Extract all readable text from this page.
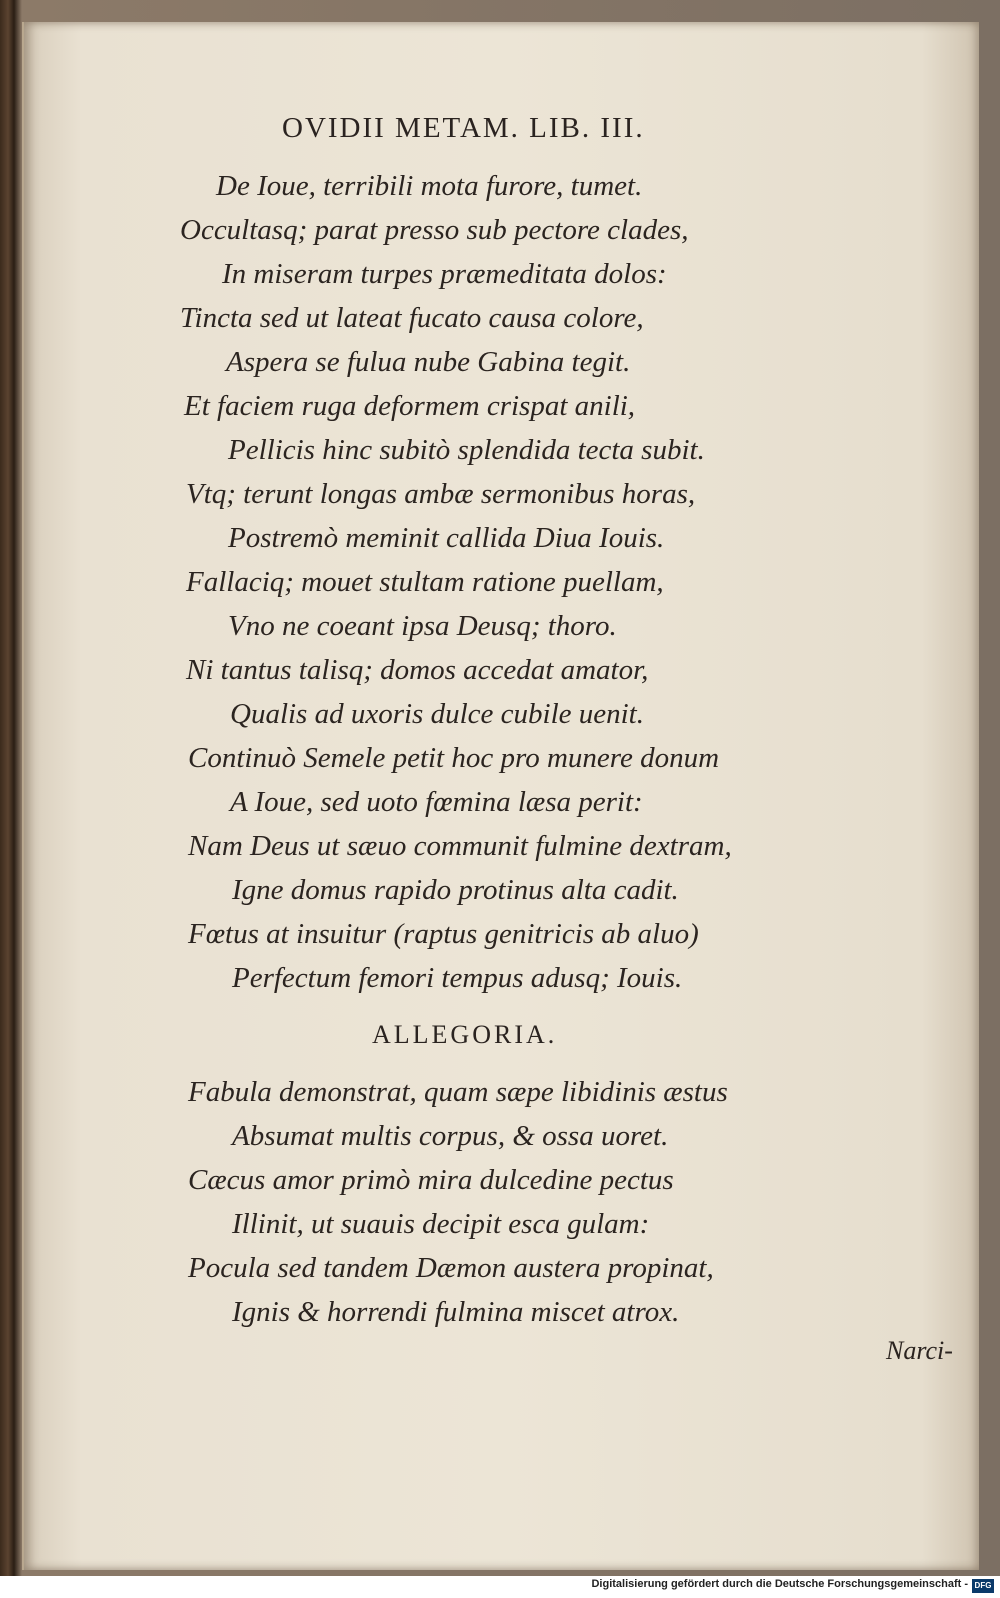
OVIDII METAM. LIB. III.
De Ioue, terribili mota furore, tumet.
Occultasq; parat presso sub pectore clades,
In miseram turpes præmeditata dolos:
Tincta sed ut lateat fucato causa colore,
Aspera se fulua nube Gabina tegit.
Et faciem ruga deformem crispat anili,
Pellicis hinc subitò splendida tecta subit.
Vtq; terunt longas ambæ sermonibus horas,
Postremò meminit callida Diua Iouis.
Fallaciq; mouet stultam ratione puellam,
Vno ne coeant ipsa Deusq; thoro.
Ni tantus talisq; domos accedat amator,
Qualis ad uxoris dulce cubile uenit.
Continuò Semele petit hoc pro munere donum
A Ioue, sed uoto fœmina læsa perit:
Nam Deus ut sæuo communit fulmine dextram,
Igne domus rapido protinus alta cadit.
Fœtus at insuitur (raptus genitricis ab aluo)
Perfectum femori tempus adusq; Iouis.
ALLEGORIA.
Fabula demonstrat, quam sæpe libidinis æstus
Absumat multis corpus, & ossa uoret.
Cæcus amor primò mira dulcedine pectus
Illinit, ut suauis decipit esca gulam:
Pocula sed tandem Dæmon austera propinat,
Ignis & horrendi fulmina miscet atrox.
Narci-
Digitalisierung gefördert durch die Deutsche Forschungsgemeinschaft - DFG
